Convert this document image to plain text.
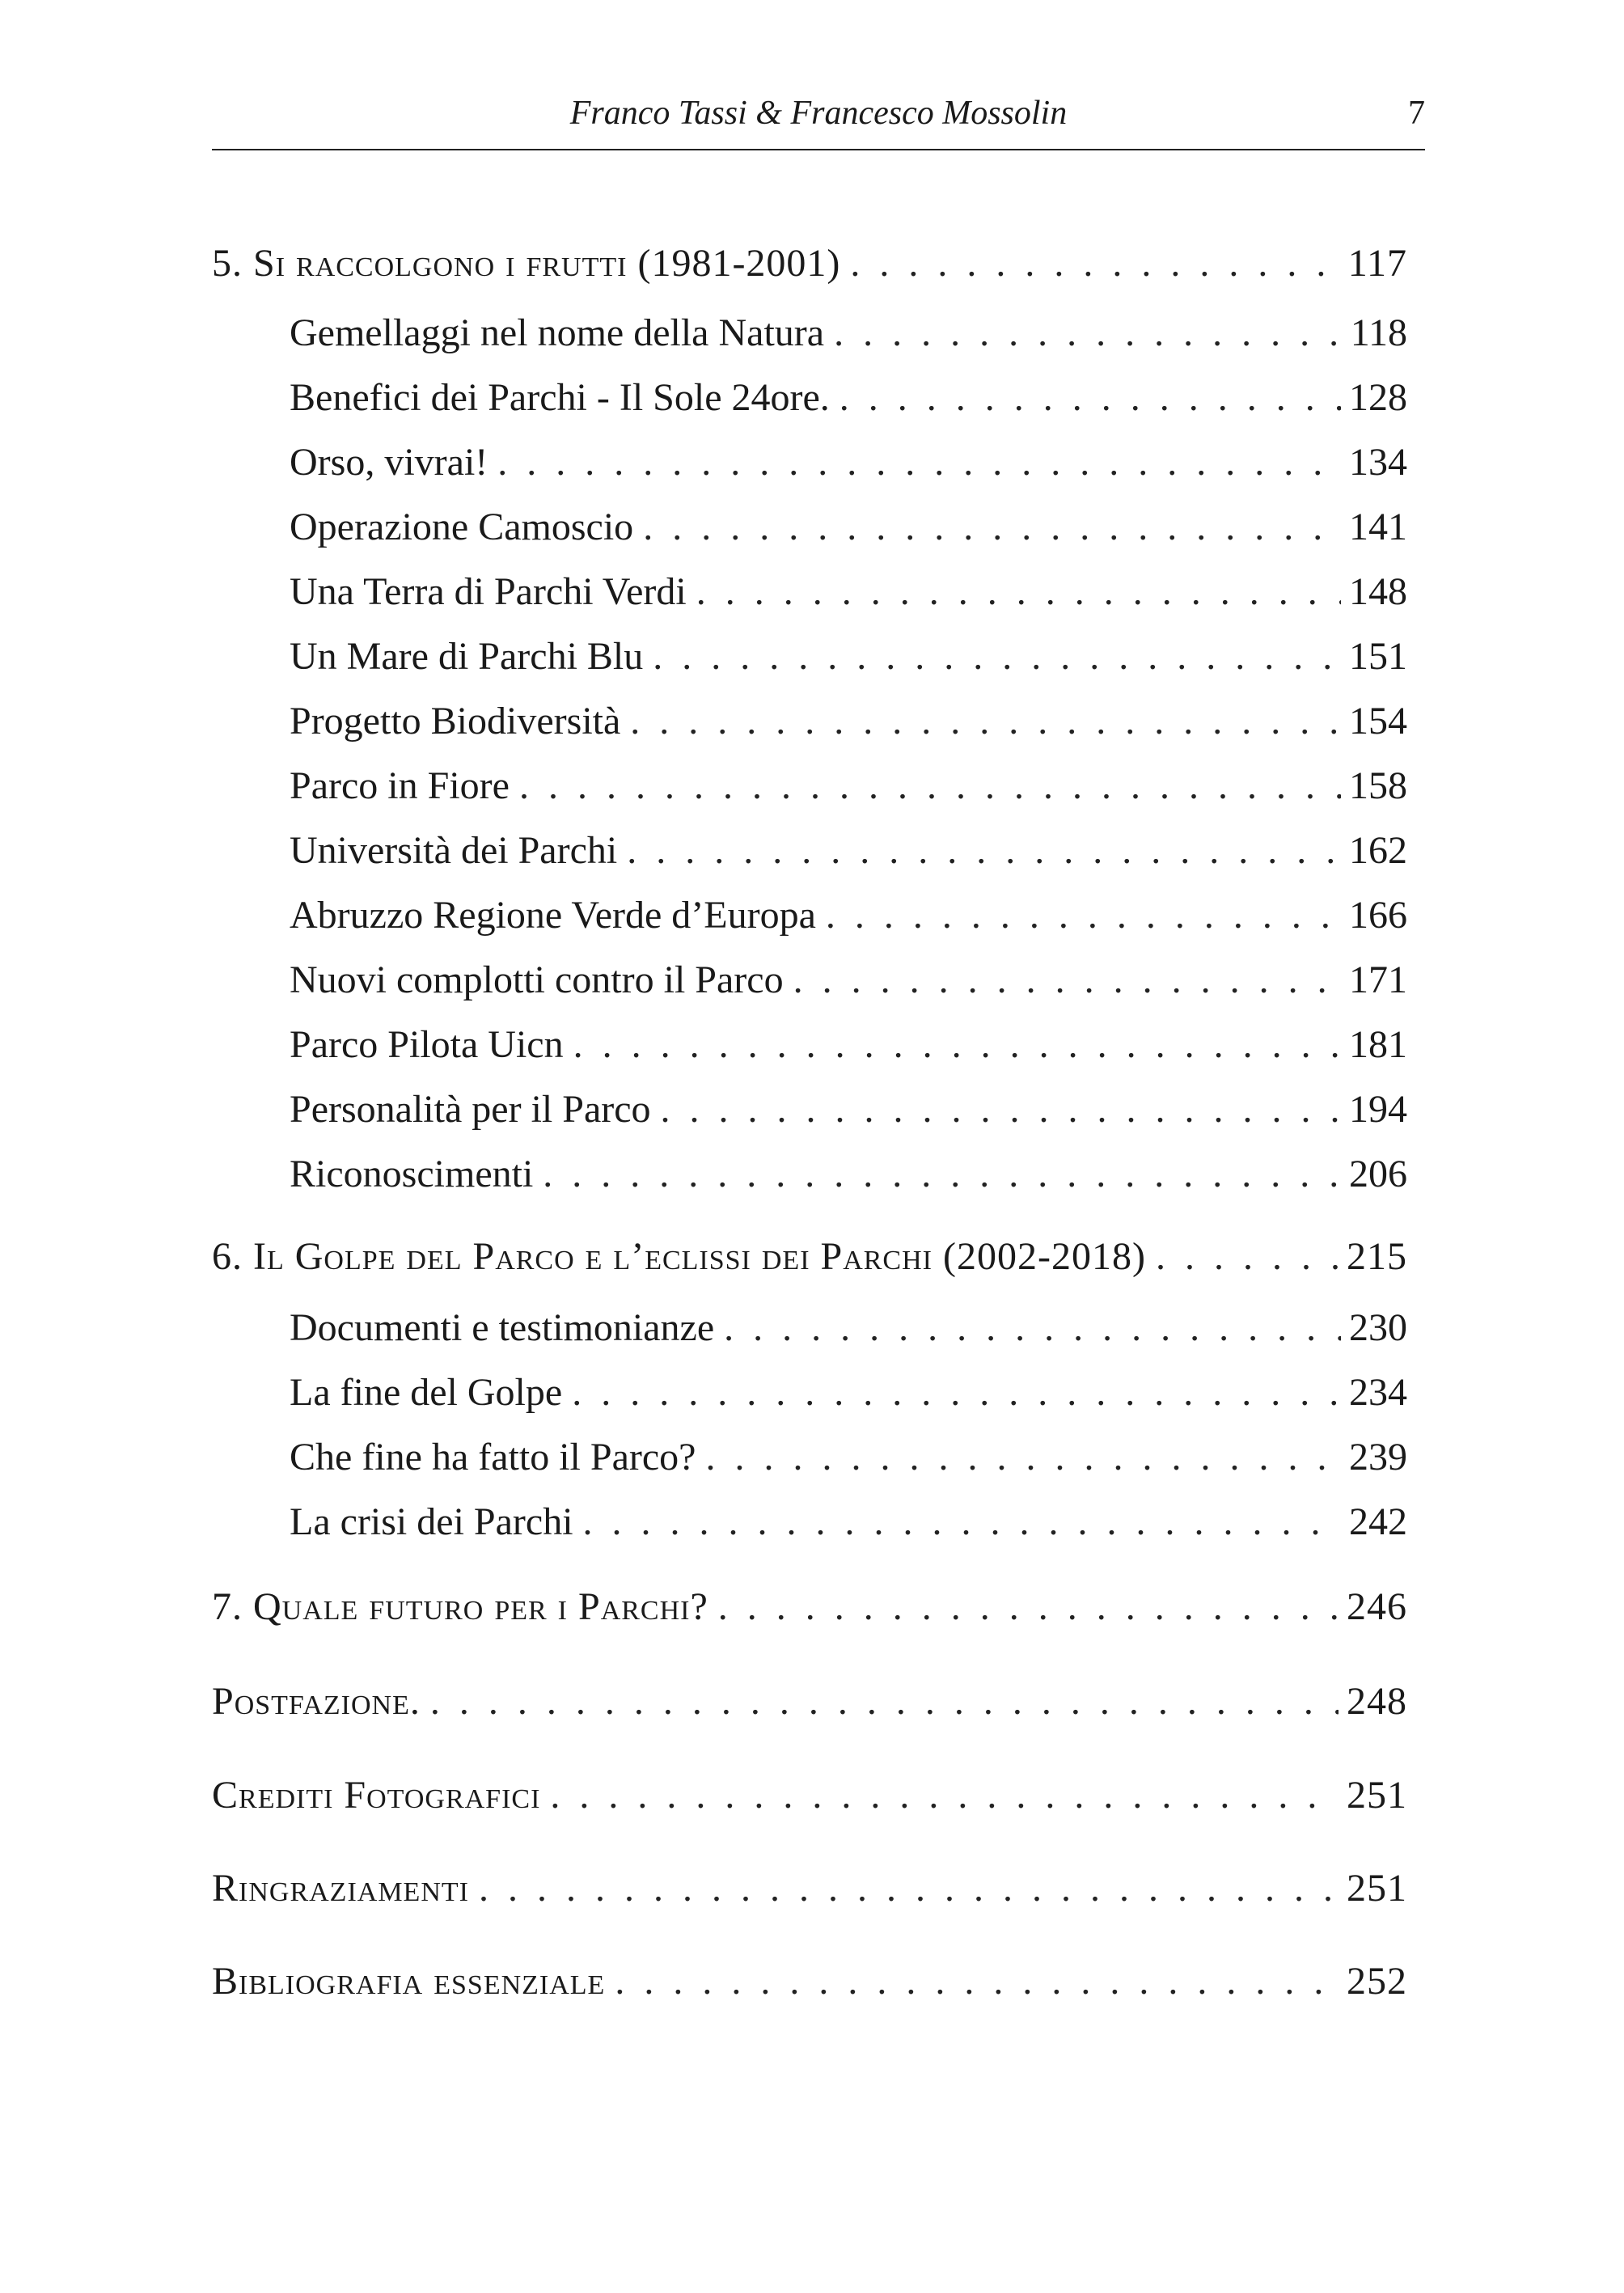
Franco Tassi & Francesco Mossolin	7
5. Si raccolgono i frutti (1981-2001) . . .	117
Gemellaggi nel nome della Natura . . .	118
Benefici dei Parchi - Il Sole 24ore. . . .	128
Orso, vivrai! . . .	134
Operazione Camoscio . . .	141
Una Terra di Parchi Verdi . . .	148
Un Mare di Parchi Blu . . .	151
Progetto Biodiversità . . .	154
Parco in Fiore . . .	158
Università dei Parchi . . .	162
Abruzzo Regione Verde d’Europa . . .	166
Nuovi complotti contro il Parco . . .	171
Parco Pilota Uicn . . .	181
Personalità per il Parco . . .	194
Riconoscimenti . . .	206
6. Il Golpe del Parco e l’eclissi dei Parchi (2002-2018) . . .	215
Documenti e testimonianze . . .	230
La fine del Golpe . . .	234
Che fine ha fatto il Parco? . . .	239
La crisi dei Parchi . . .	242
7. Quale futuro per i Parchi? . . .	246
Postfazione. . . .	248
Crediti Fotografici . . .	251
Ringraziamenti . . .	251
Bibliografia essenziale . . .	252
